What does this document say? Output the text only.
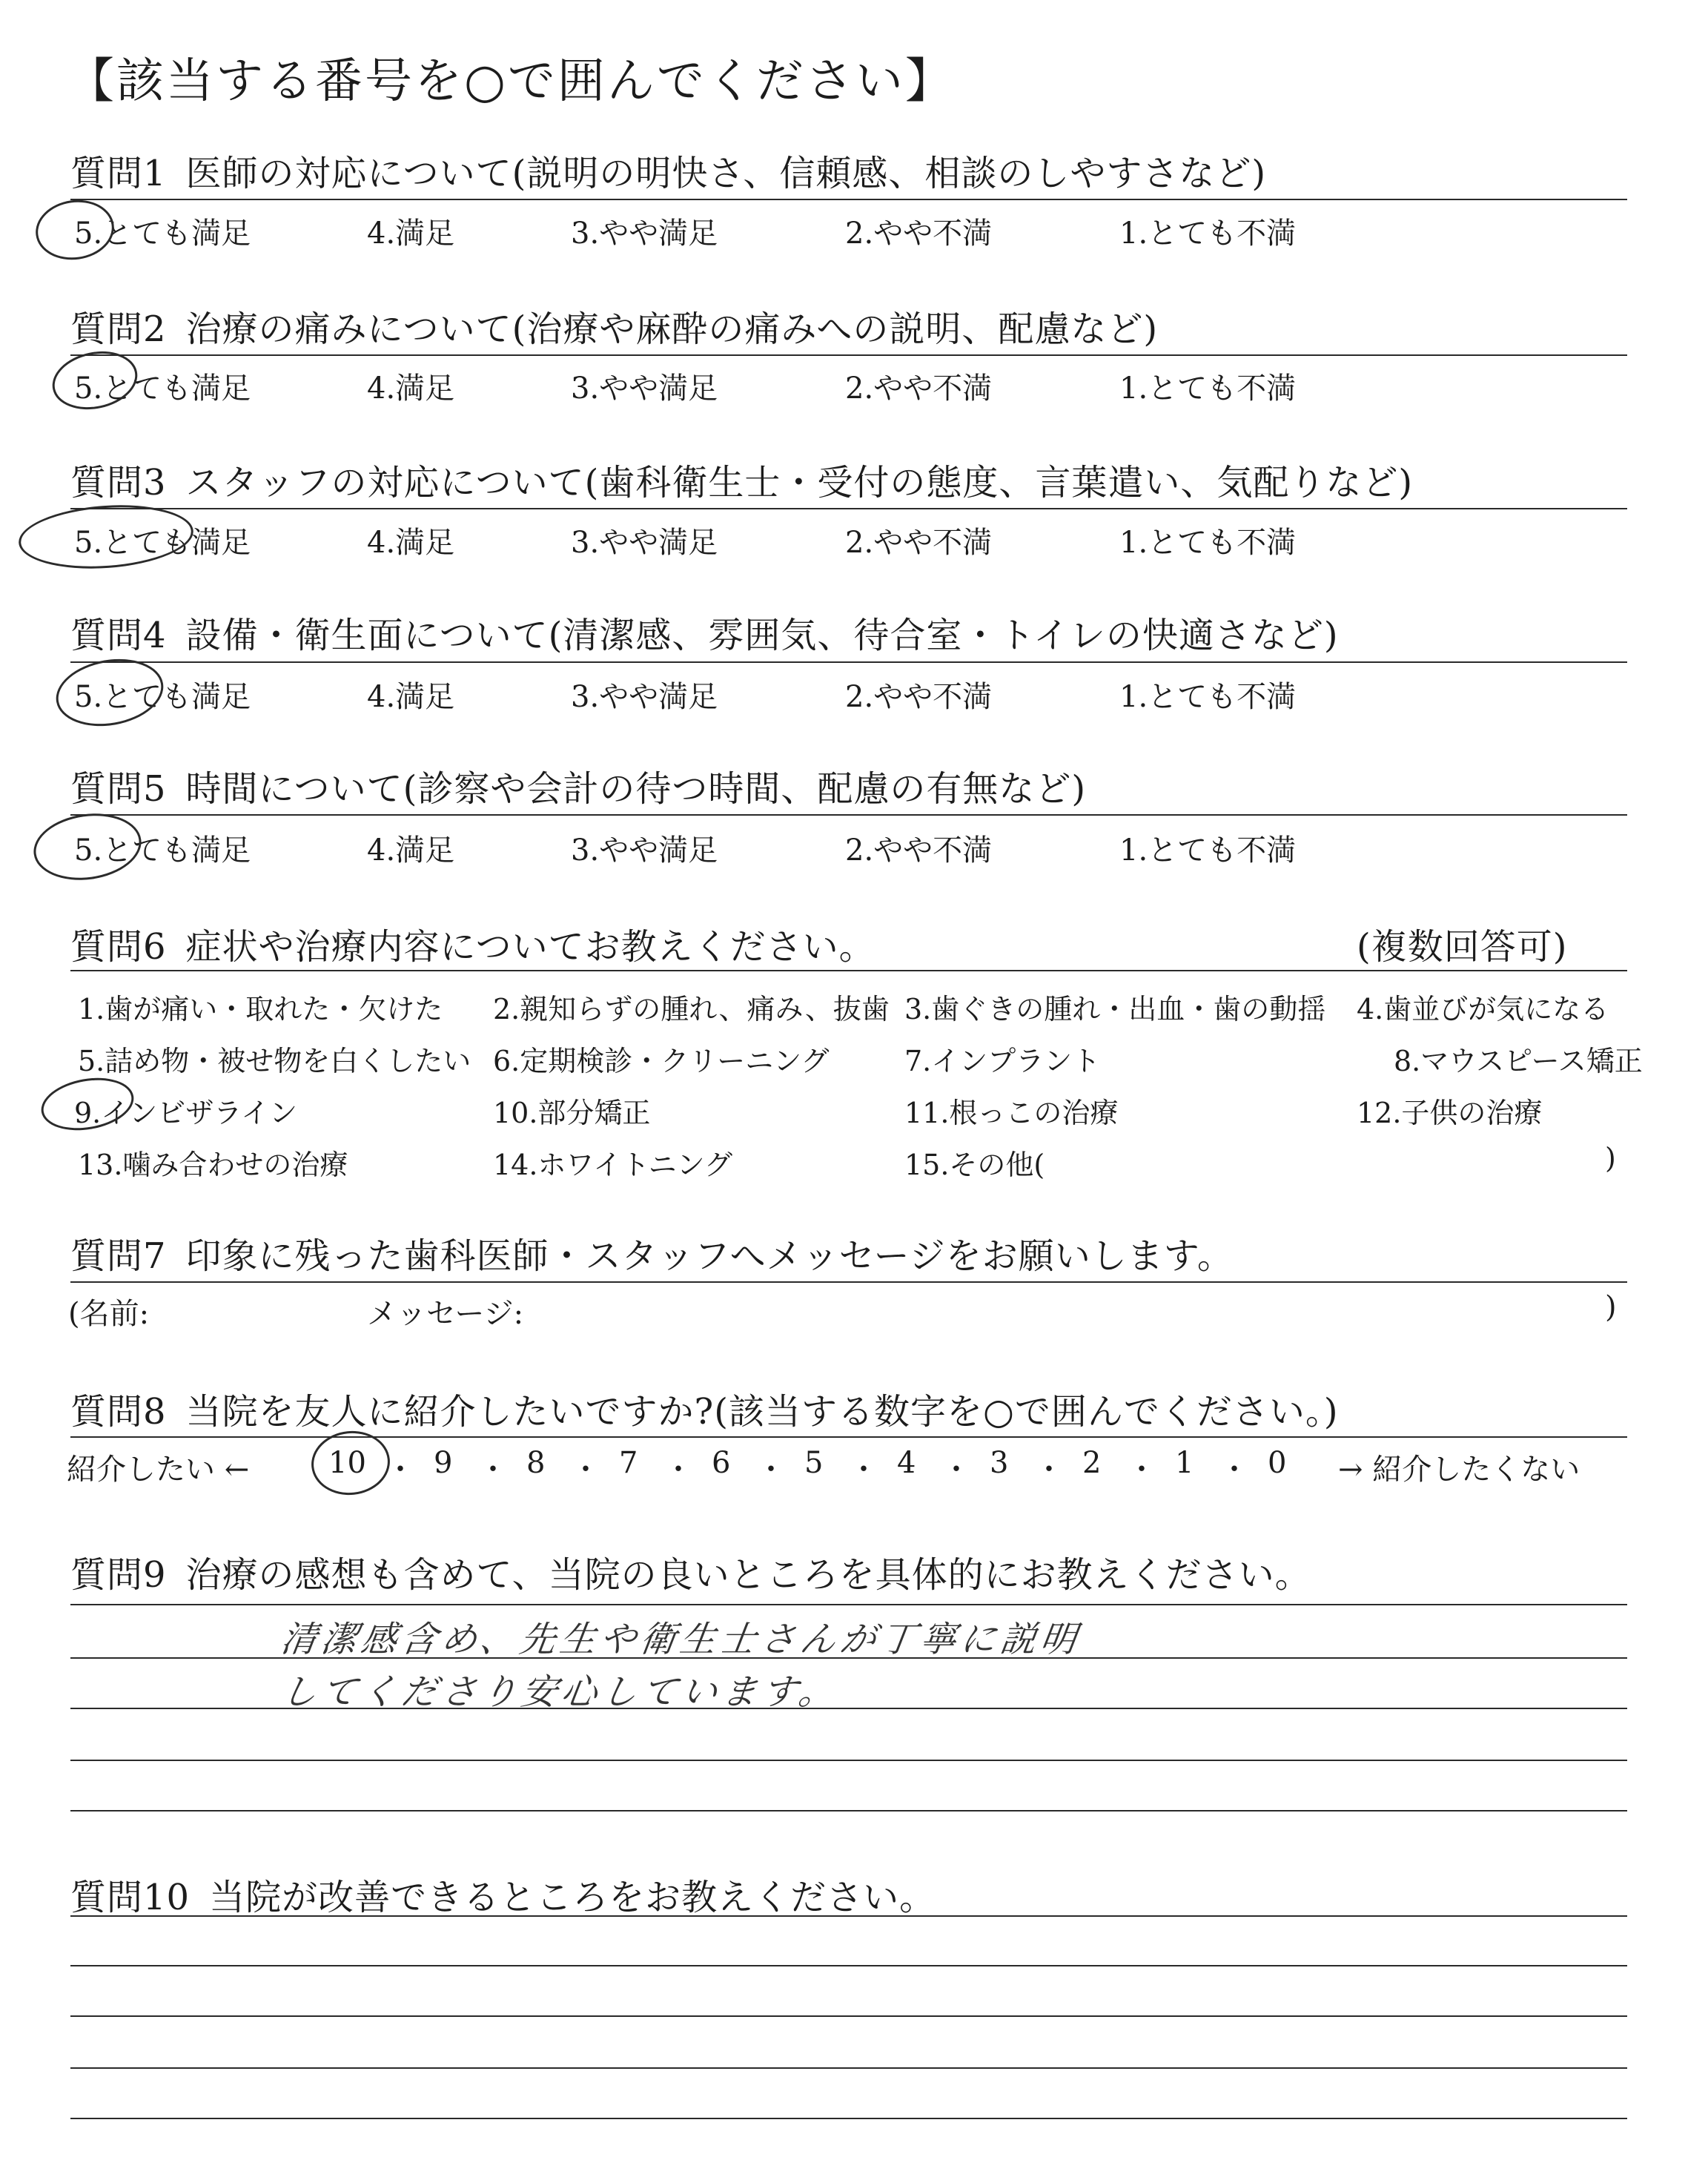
【該当する番号を○で囲んでください】
質問1 医師の対応について(説明の明快さ、信頼感、相談のしやすさなど)
5.とても満足	4.満足	3.やや満足	2.やや不満	1.とても不満
質問2 治療の痛みについて(治療や麻酔の痛みへの説明、配慮など)
5.とても満足	4.満足	3.やや満足	2.やや不満	1.とても不満
質問3 スタッフの対応について(歯科衛生士・受付の態度、言葉遣い、気配りなど)
5.とても満足	4.満足	3.やや満足	2.やや不満	1.とても不満
質問4 設備・衛生面について(清潔感、雰囲気、待合室・トイレの快適さなど)
5.とても満足	4.満足	3.やや満足	2.やや不満	1.とても不満
質問5 時間について(診察や会計の待つ時間、配慮の有無など)
5.とても満足	4.満足	3.やや満足	2.やや不満	1.とても不満
質問6 症状や治療内容についてお教えください。	(複数回答可)
1.歯が痛い・取れた・欠けた 2.親知らずの腫れ、痛み、抜歯 3.歯ぐきの腫れ・出血・歯の動揺 4.歯並びが気になる
5.詰め物・被せ物を白くしたい 6.定期検診・クリーニング	7.インプラント	8.マウスピース矯正
9.インビザライン	10.部分矯正	11.根っこの治療	12.子供の治療
13.噛み合わせの治療	14.ホワイトニング	15.その他(	)
質問7 印象に残った歯科医師・スタッフへメッセージをお願いします。
(名前:	メッセージ:	)
質問8 当院を友人に紹介したいですか?(該当する数字を○で囲んでください。)
紹介したい ←	10 ・ 9 ・ 8 ・ 7 ・ 6 ・ 5 ・ 4 ・ 3 ・ 2 ・ 1 ・ 0 → 紹介したくない
質問9 治療の感想も含めて、当院の良いところを具体的にお教えください。
清潔感含め、先生や衛生士さんが丁寧に説明
してくださり安心しています。
質問10 当院が改善できるところをお教えください。
